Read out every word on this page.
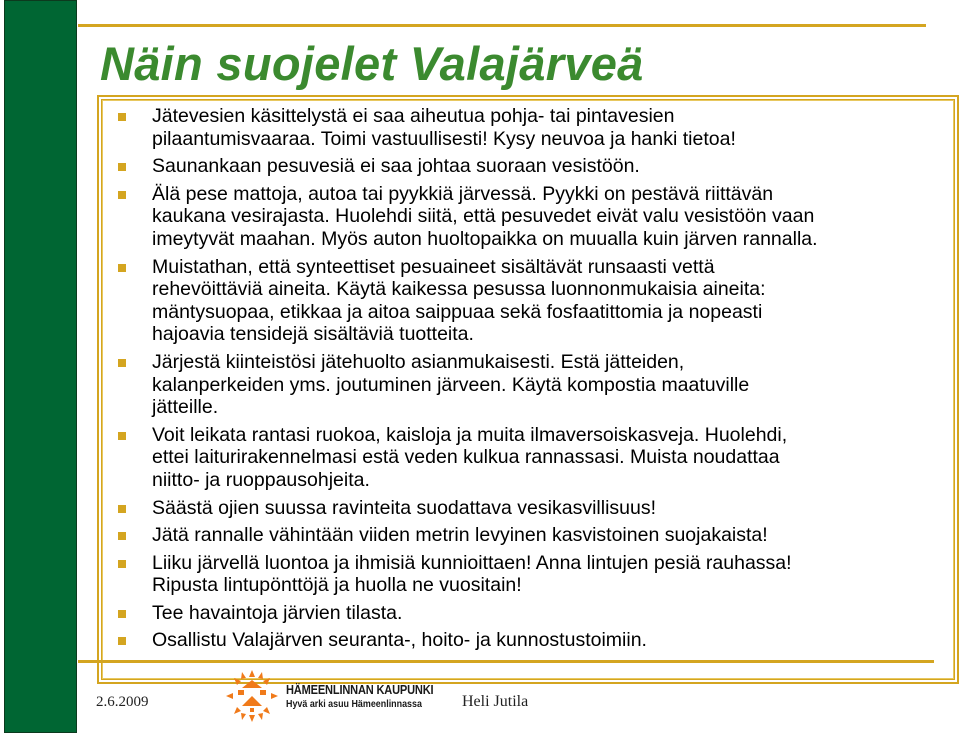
Näin suojelet Valajärveä
Jätevesien käsittelystä ei saa aiheutua pohja- tai pintavesien
pilaantumisvaaraa. Toimi vastuullisesti! Kysy neuvoa ja hanki tietoa!
Saunankaan pesuvesiä ei saa johtaa suoraan vesistöön.
Älä pese mattoja, autoa tai pyykkiä järvessä. Pyykki on pestävä riittävän
kaukana vesirajasta. Huolehdi siitä, että pesuvedet eivät valu vesistöön vaan
imeytyvät maahan. Myös auton huoltopaikka on muualla kuin järven rannalla.
Muistathan, että synteettiset pesuaineet sisältävät runsaasti vettä
rehevöittäviä aineita. Käytä kaikessa pesussa luonnonmukaisia aineita:
mäntysuopaa, etikkaa ja aitoa saippuaa sekä fosfaatittomia ja nopeasti
hajoavia tensidejä sisältäviä tuotteita.
Järjestä kiinteistösi jätehuolto asianmukaisesti. Estä jätteiden,
kalanperkeiden yms. joutuminen järveen. Käytä kompostia maatuville
jätteille.
Voit leikata rantasi ruokoa, kaisloja ja muita ilmaversoiskasveja. Huolehdi,
ettei laiturirakennelmasi estä veden kulkua rannassasi. Muista noudattaa
niitto- ja ruoppausohjeita.
Säästä ojien suussa ravinteita suodattava vesikasvillisuus!
Jätä rannalle vähintään viiden metrin levyinen kasvistoinen suojakaista!
Liiku järvellä luontoa ja ihmisiä kunnioittaen! Anna lintujen pesiä rauhassa!
Ripusta lintupönttöjä ja huolla ne vuositain!
Tee havaintoja järvien tilasta.
Osallistu Valajärven seuranta-, hoito- ja kunnostustoimiin.
2.6.2009
HÄMEENLINNAN KAUPUNKI
Hyvä arki asuu Hämeenlinnassa	Heli Jutila
